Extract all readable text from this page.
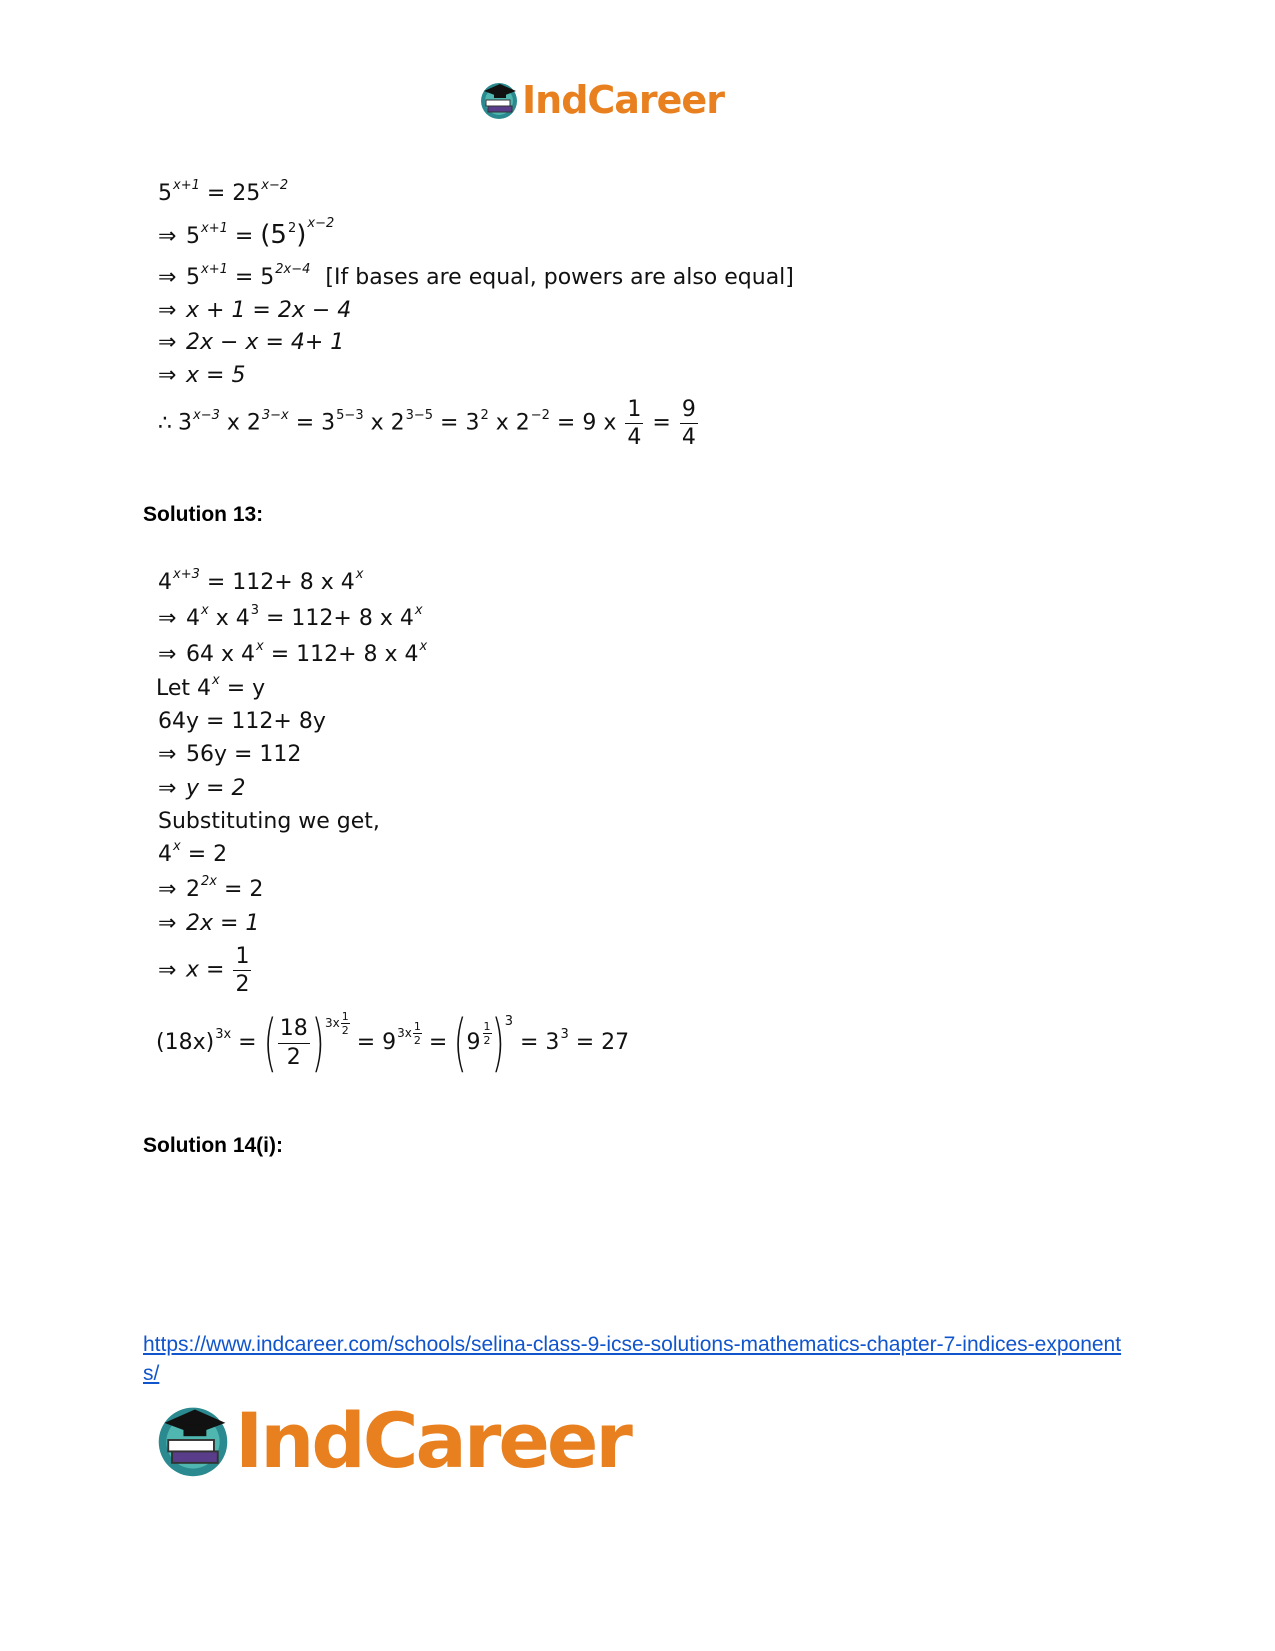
IndCareer
$5^{x+1} = 25^{x-2}$
⇒ $5^{x+1} = (5^2)^{x-2}$
⇒ $5^{x+1} = 5^{2x-4}$ [If bases are equal, powers are also equal]
⇒ x + 1 = 2x − 4
⇒ 2x − x = 4+ 1
⇒ x = 5
∴ $3^{x-3}$ x $2^{3-x} = 3^{5-3}$ x $2^{3-5} = 3^2$ x $2^{-2} = 9$ x $\frac{1}{4} = \frac{9}{4}$
Solution 13:
$4^{x+3} = 112+ 8$ x 4$^x$
⇒ 4$^x$ x $4^3 = 112+ 8$ x 4$^x$
⇒ 64 x $4^x = 112+ 8$ x 4$^x$
Let $4^x = y$
64y = 112+ 8y
⇒ 56y = 112
⇒ y = 2
Substituting we get,
$4^x = 2$
⇒ $2^{2x} = 2$
⇒ 2x = 1
⇒ $x = \frac{1}{2}$
$(18x)^{3x}$ = ( $\frac{18}{2} )^{3x \frac{1}{2}}$
= $9^{3x \frac{1}{2}} = (9$ $^{\frac{1}{2}}$ )$^3 = 3^3 = 27$
Solution 14(i):
https://www.indcareer.com/schools/selina-class-9-icse-solutions-mathematics-chapter-7-indices-exponents/
IndCareer
